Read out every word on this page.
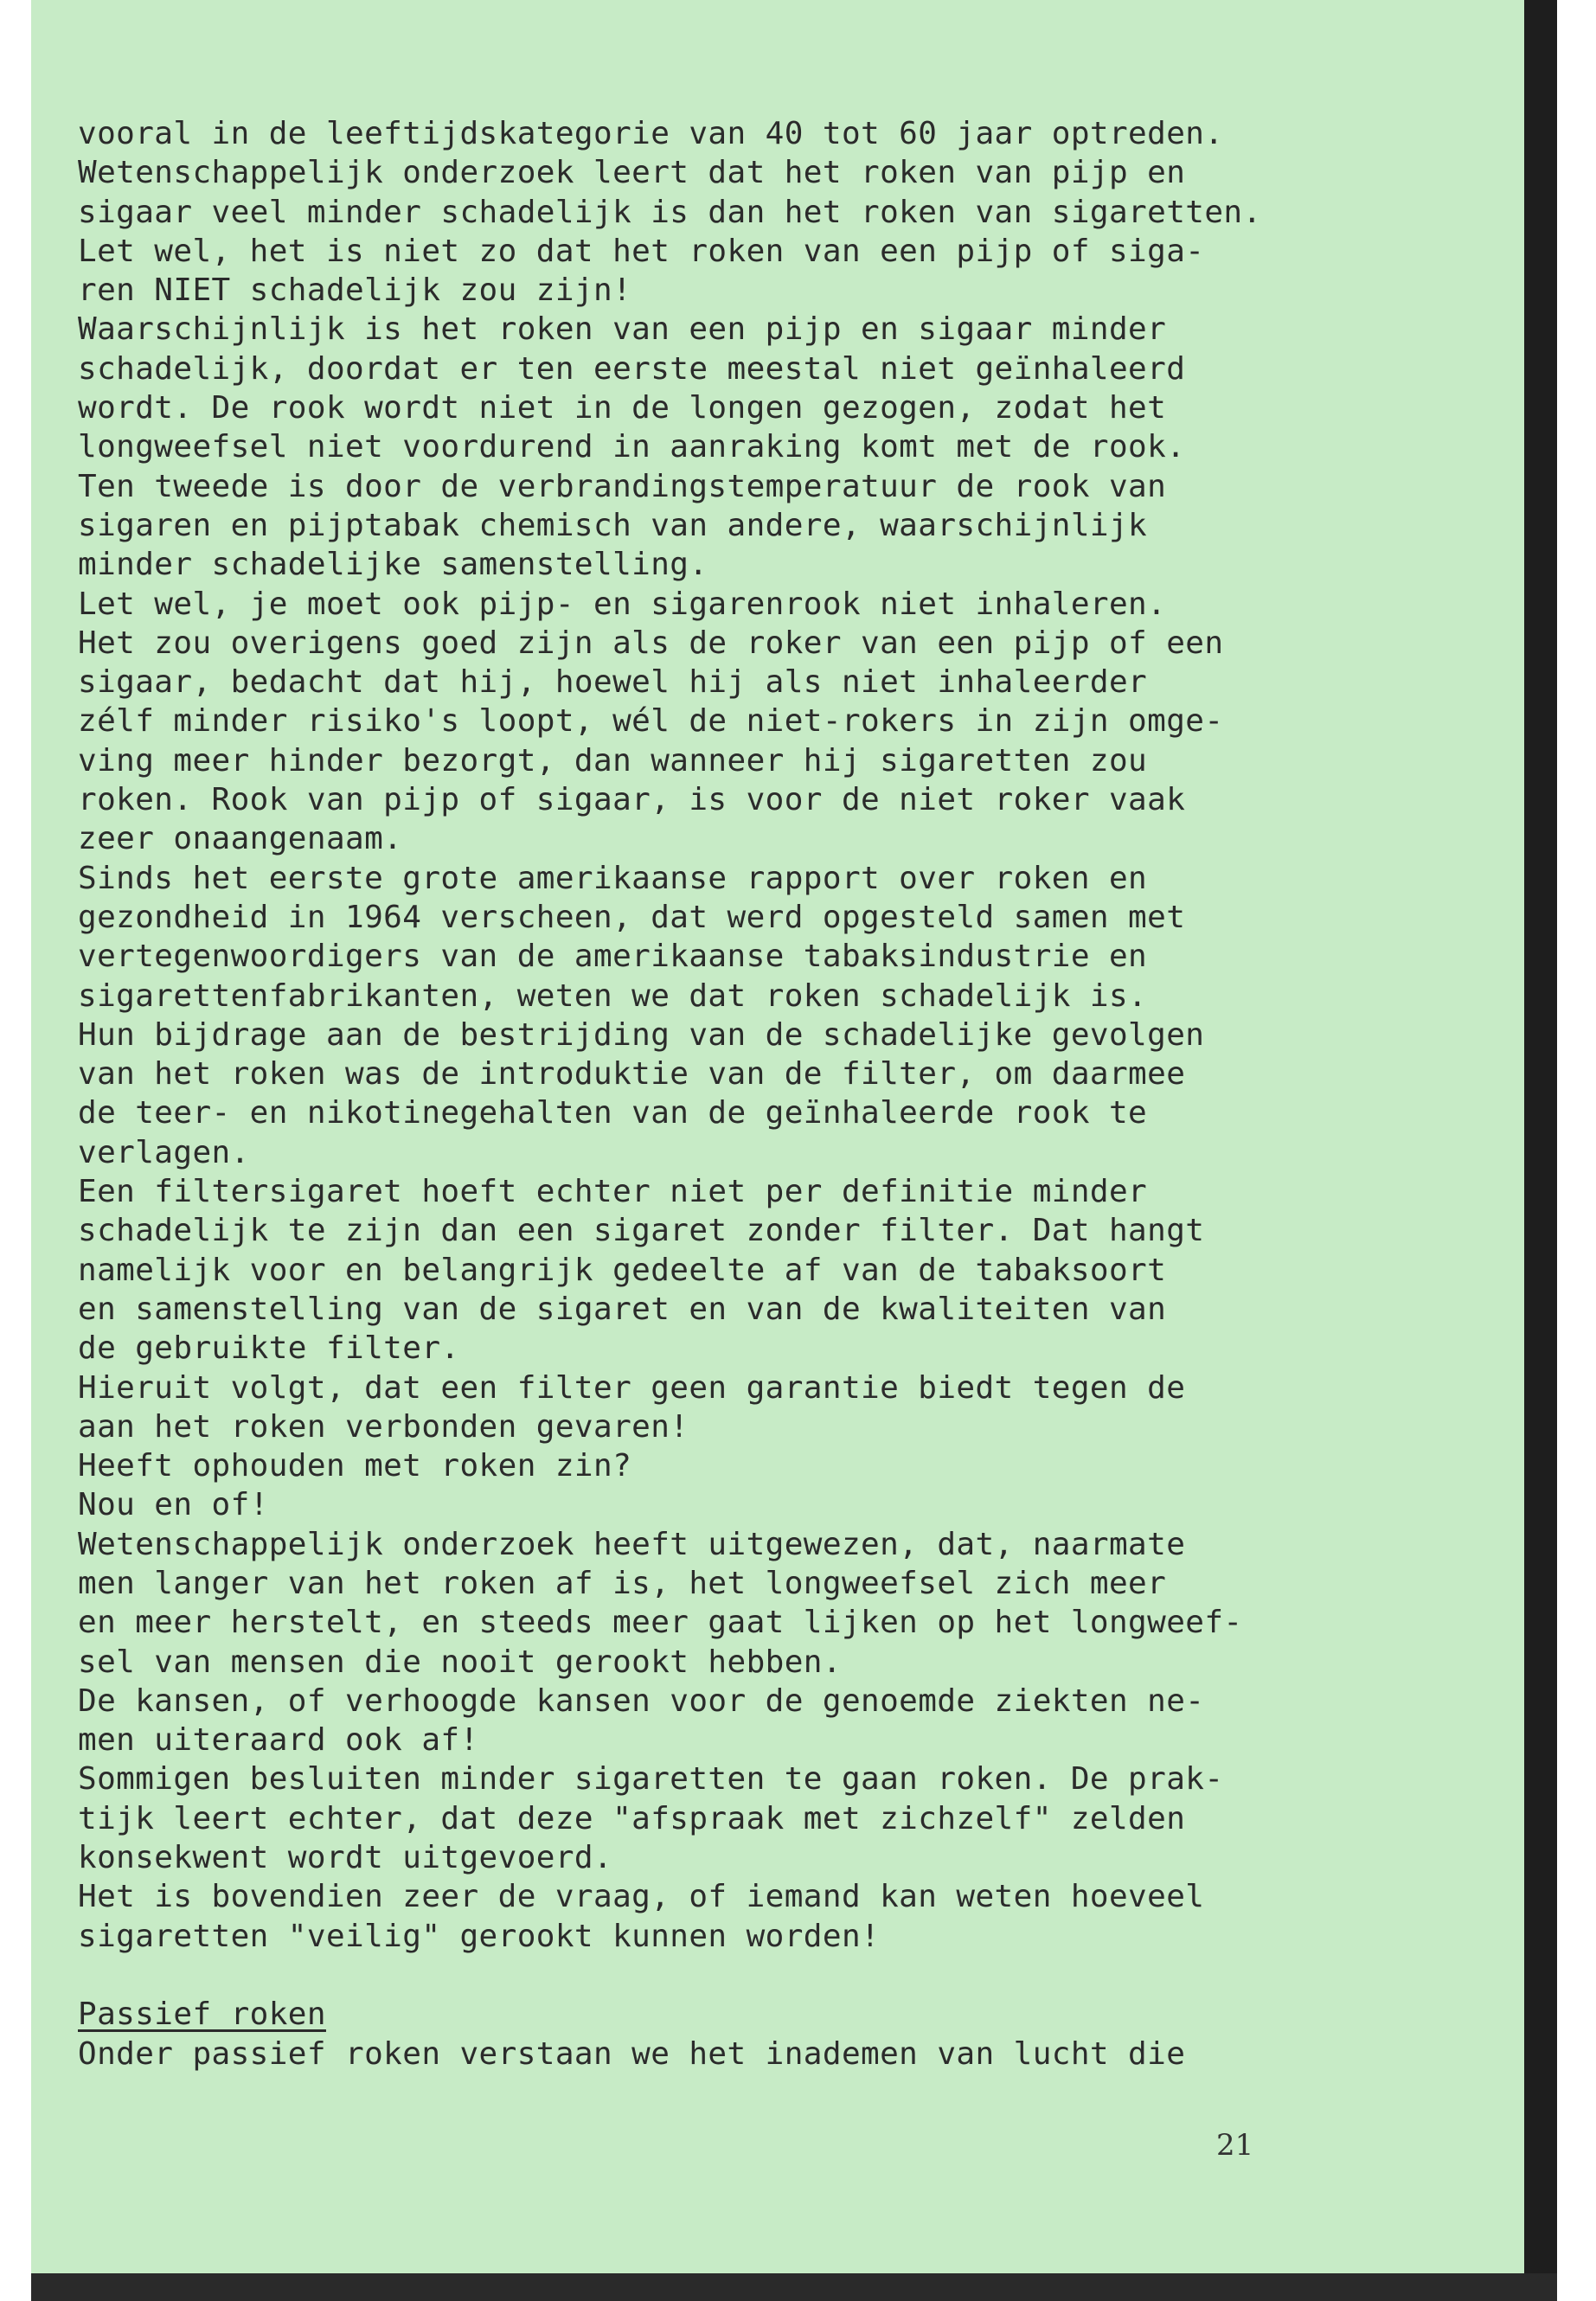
vooral in de leeftijdskategorie van 40 tot 60 jaar optreden.
Wetenschappelijk onderzoek leert dat het roken van pijp en
sigaar veel minder schadelijk is dan het roken van sigaretten.
Let wel, het is niet zo dat het roken van een pijp of siga-
ren NIET schadelijk zou zijn!
Waarschijnlijk is het roken van een pijp en sigaar minder
schadelijk, doordat er ten eerste meestal niet geïnhaleerd
wordt. De rook wordt niet in de longen gezogen, zodat het
longweefsel niet voordurend in aanraking komt met de rook.
Ten tweede is door de verbrandingstemperatuur de rook van
sigaren en pijptabak chemisch van andere, waarschijnlijk
minder schadelijke samenstelling.
Let wel, je moet ook pijp- en sigarenrook niet inhaleren.
Het zou overigens goed zijn als de roker van een pijp of een
sigaar, bedacht dat hij, hoewel hij als niet inhaleerder
zélf minder risiko's loopt, wél de niet-rokers in zijn omge-
ving meer hinder bezorgt, dan wanneer hij sigaretten zou
roken. Rook van pijp of sigaar, is voor de niet roker vaak
zeer onaangenaam.
Sinds het eerste grote amerikaanse rapport over roken en
gezondheid in 1964 verscheen, dat werd opgesteld samen met
vertegenwoordigers van de amerikaanse tabaksindustrie en
sigarettenfabrikanten, weten we dat roken schadelijk is.
Hun bijdrage aan de bestrijding van de schadelijke gevolgen
van het roken was de introduktie van de filter, om daarmee
de teer- en nikotinegehalten van de geïnhaleerde rook te
verlagen.
Een filtersigaret hoeft echter niet per definitie minder
schadelijk te zijn dan een sigaret zonder filter. Dat hangt
namelijk voor en belangrijk gedeelte af van de tabaksoort
en samenstelling van de sigaret en van de kwaliteiten van
de gebruikte filter.
Hieruit volgt, dat een filter geen garantie biedt tegen de
aan het roken verbonden gevaren!
Heeft ophouden met roken zin?
Nou en of!
Wetenschappelijk onderzoek heeft uitgewezen, dat, naarmate
men langer van het roken af is, het longweefsel zich meer
en meer herstelt, en steeds meer gaat lijken op het longweef-
sel van mensen die nooit gerookt hebben.
De kansen, of verhoogde kansen voor de genoemde ziekten ne-
men uiteraard ook af!
Sommigen besluiten minder sigaretten te gaan roken. De prak-
tijk leert echter, dat deze "afspraak met zichzelf" zelden
konsekwent wordt uitgevoerd.
Het is bovendien zeer de vraag, of iemand kan weten hoeveel
sigaretten "veilig" gerookt kunnen worden!
Passief roken
Onder passief roken verstaan we het inademen van lucht die
21
